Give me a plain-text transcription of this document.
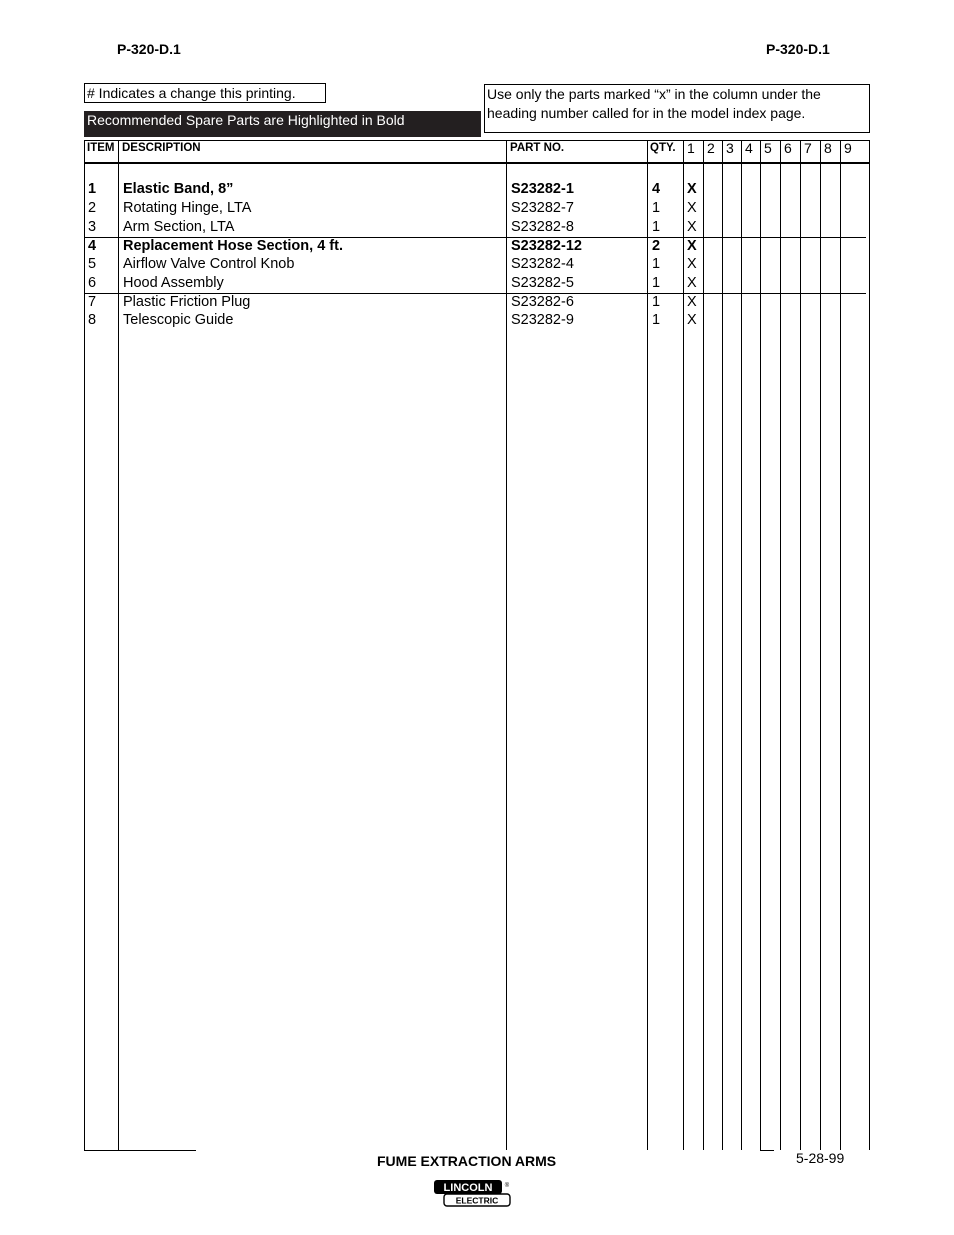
P-320-D.1	P-320-D.1
# Indicates a change this printing.
Recommended Spare Parts are Highlighted in Bold
Use only the parts marked “x” in the column under the heading number called for in the model index page.
ITEM DESCRIPTION	PART NO.	QTY. 1 2 3 4 5 6 7 8 9
1 Elastic Band, 8”	S23282-1	4 X
2 Rotating Hinge, LTA	S23282-7	1 X
3 Arm Section, LTA	S23282-8	1 X
4 Replacement Hose Section, 4 ft.	S23282-12	2 X
5 Airflow Valve Control Knob	S23282-4	1 X
6 Hood Assembly	S23282-5	1 X
7 Plastic Friction Plug	S23282-6	1 X
8 Telescopic Guide	S23282-9	1 X
FUME EXTRACTION ARMS	5-28-99
LINCOLN
ELECTRIC
®
